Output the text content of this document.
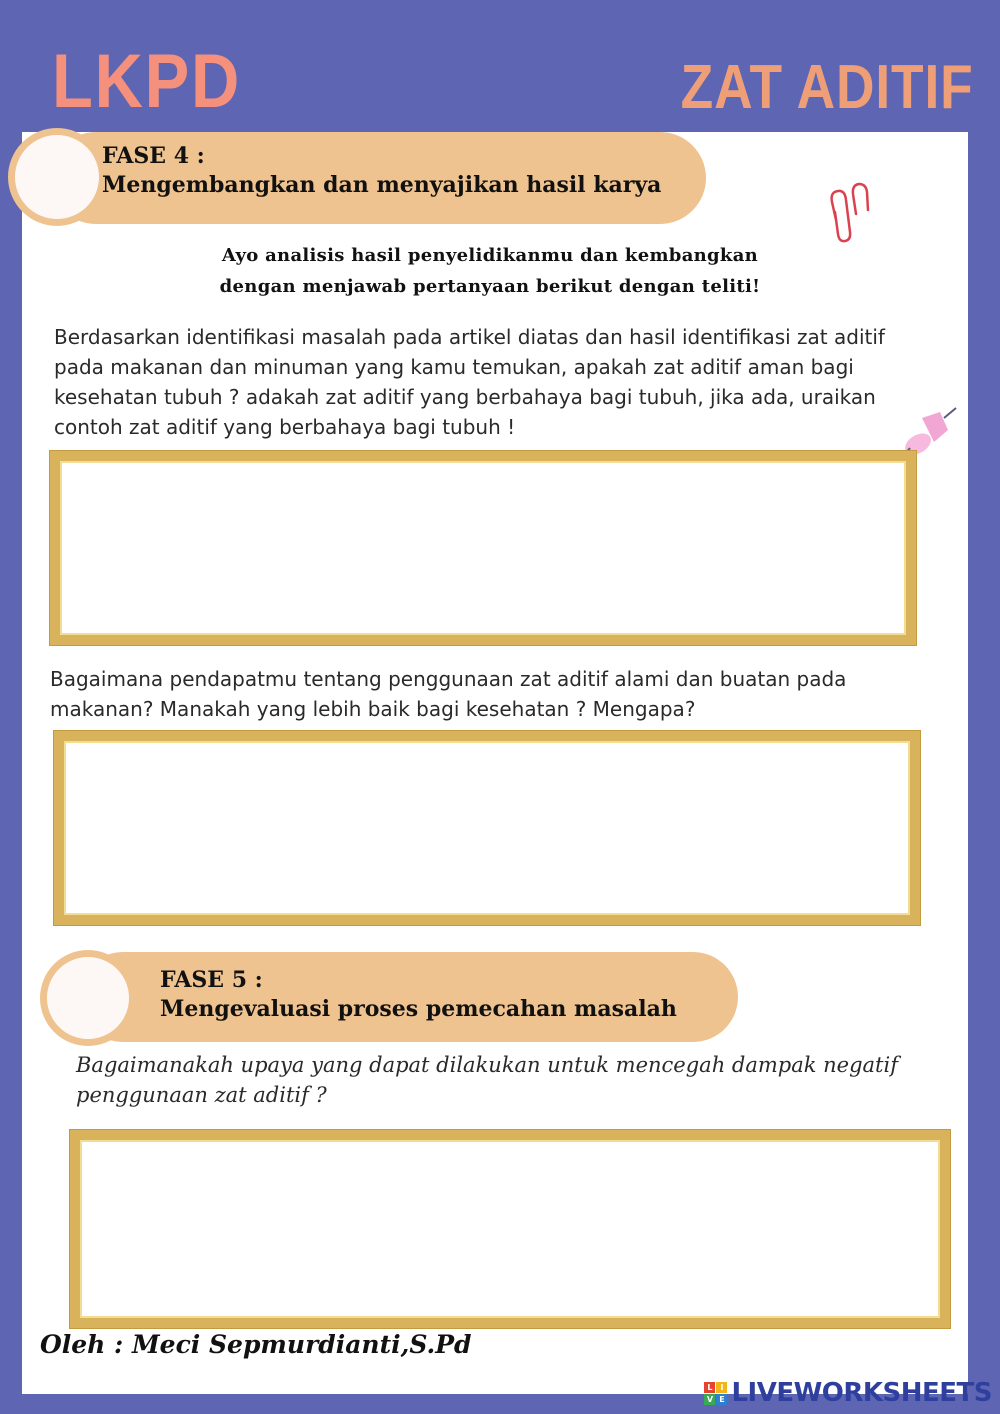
LKPD	ZAT ADITIF
FASE 4 :
Mengembangkan dan menyajikan hasil karya
Ayo analisis hasil penyelidikanmu dan kembangkan
dengan menjawab pertanyaan berikut dengan teliti!
Berdasarkan identifikasi masalah pada artikel diatas dan hasil identifikasi zat aditif
pada makanan dan minuman yang kamu temukan, apakah zat aditif aman bagi
kesehatan tubuh ? adakah zat aditif yang berbahaya bagi tubuh, jika ada, uraikan
contoh zat aditif yang berbahaya bagi tubuh !
Bagaimana pendapatmu tentang penggunaan zat aditif alami dan buatan pada
makanan? Manakah yang lebih baik bagi kesehatan ? Mengapa?
FASE 5 :
Mengevaluasi proses pemecahan masalah
Bagaimanakah upaya yang dapat dilakukan untuk mencegah dampak negatif
penggunaan zat aditif ?
Oleh : Meci Sepmurdianti,S.Pd
L I
V E LIVEWORKSHEETS
